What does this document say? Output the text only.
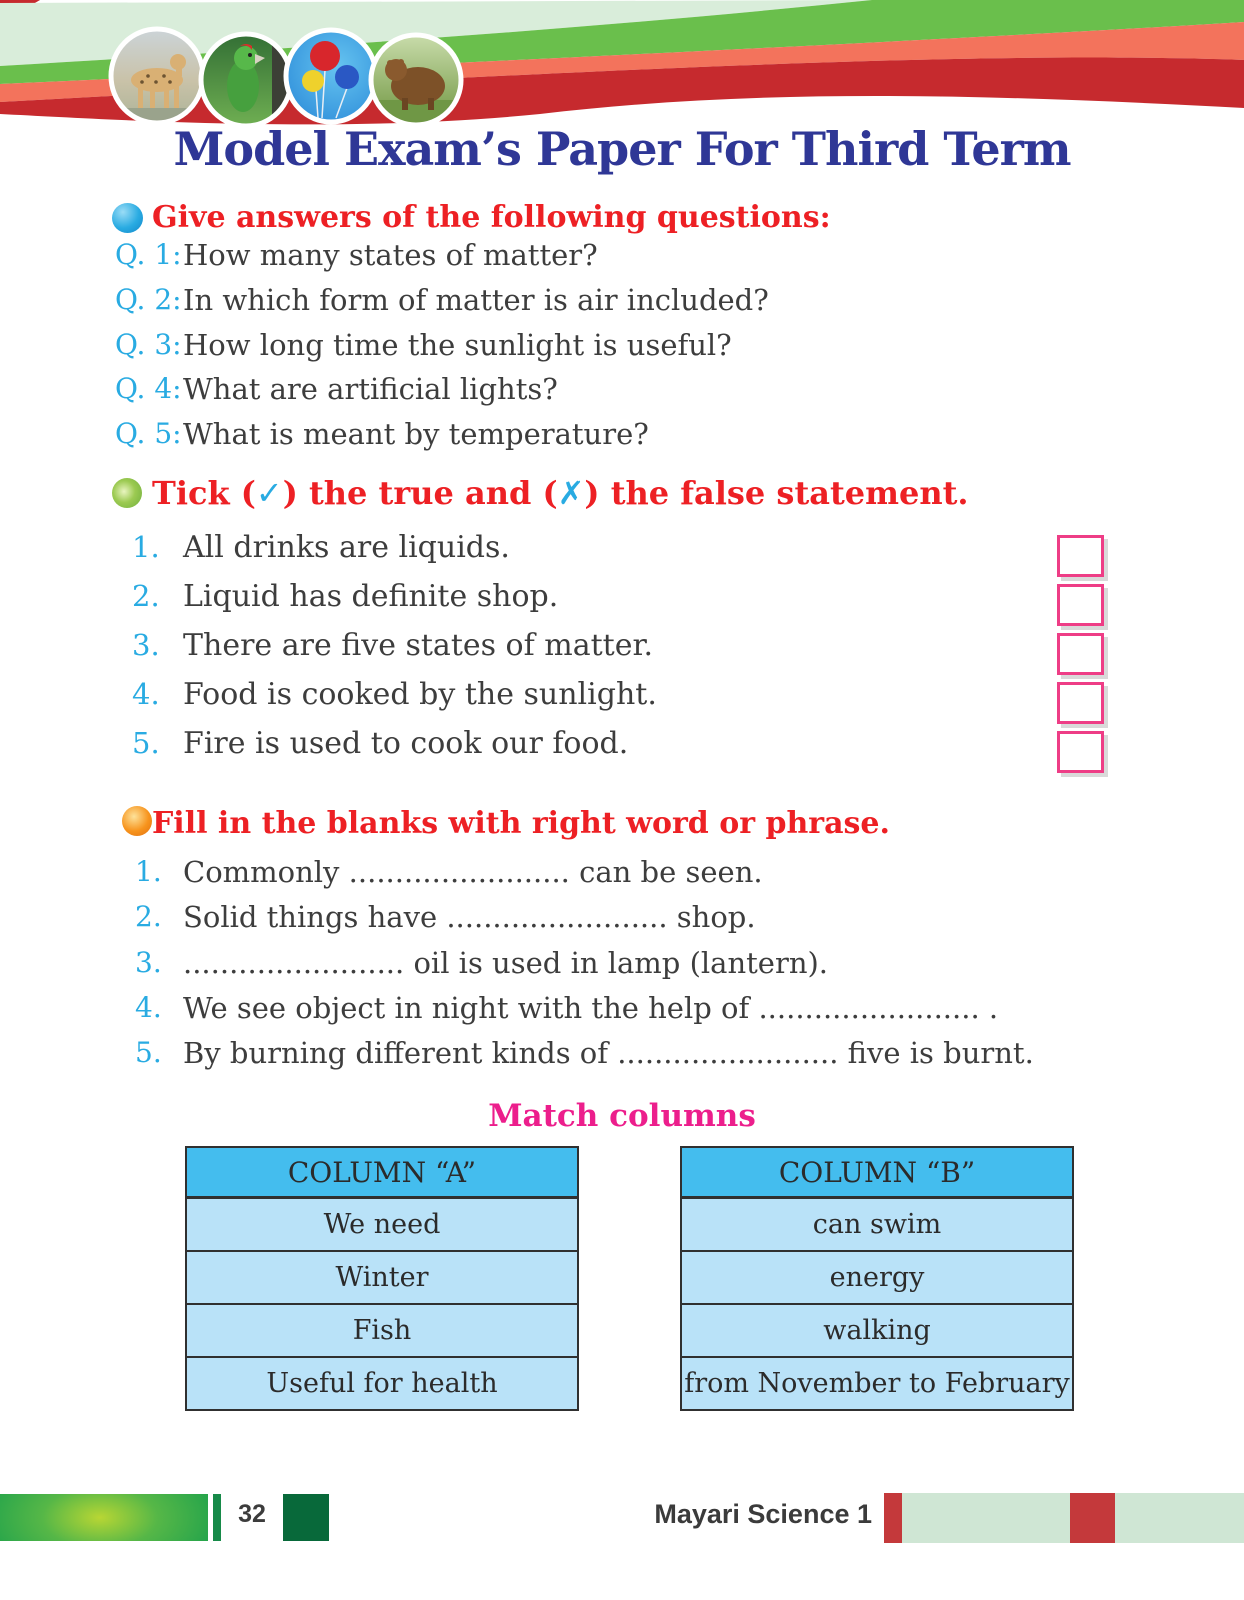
Model Exam’s Paper For Third Term
Give answers of the following questions:
Q. 1: How many states of matter?
Q. 2: In which form of matter is air included?
Q. 3: How long time the sunlight is useful?
Q. 4: What are artificial lights?
Q. 5: What is meant by temperature?
Tick (✓) the true and (✗) the false statement.
1. All drinks are liquids.
2. Liquid has definite shop.
3. There are five states of matter.
4. Food is cooked by the sunlight.
5. Fire is used to cook our food.
Fill in the blanks with right word or phrase.
1. Commonly ........................ can be seen.
2. Solid things have ........................ shop.
3. ........................ oil is used in lamp (lantern).
4. We see object in night with the help of ........................ .
5. By burning different kinds of ........................ five is burnt.
Match columns
COLUMN “A”
We need
Winter
Fish
Useful for health
COLUMN “B”
can swim
energy
walking
from November to February
32	Mayari Science 1
